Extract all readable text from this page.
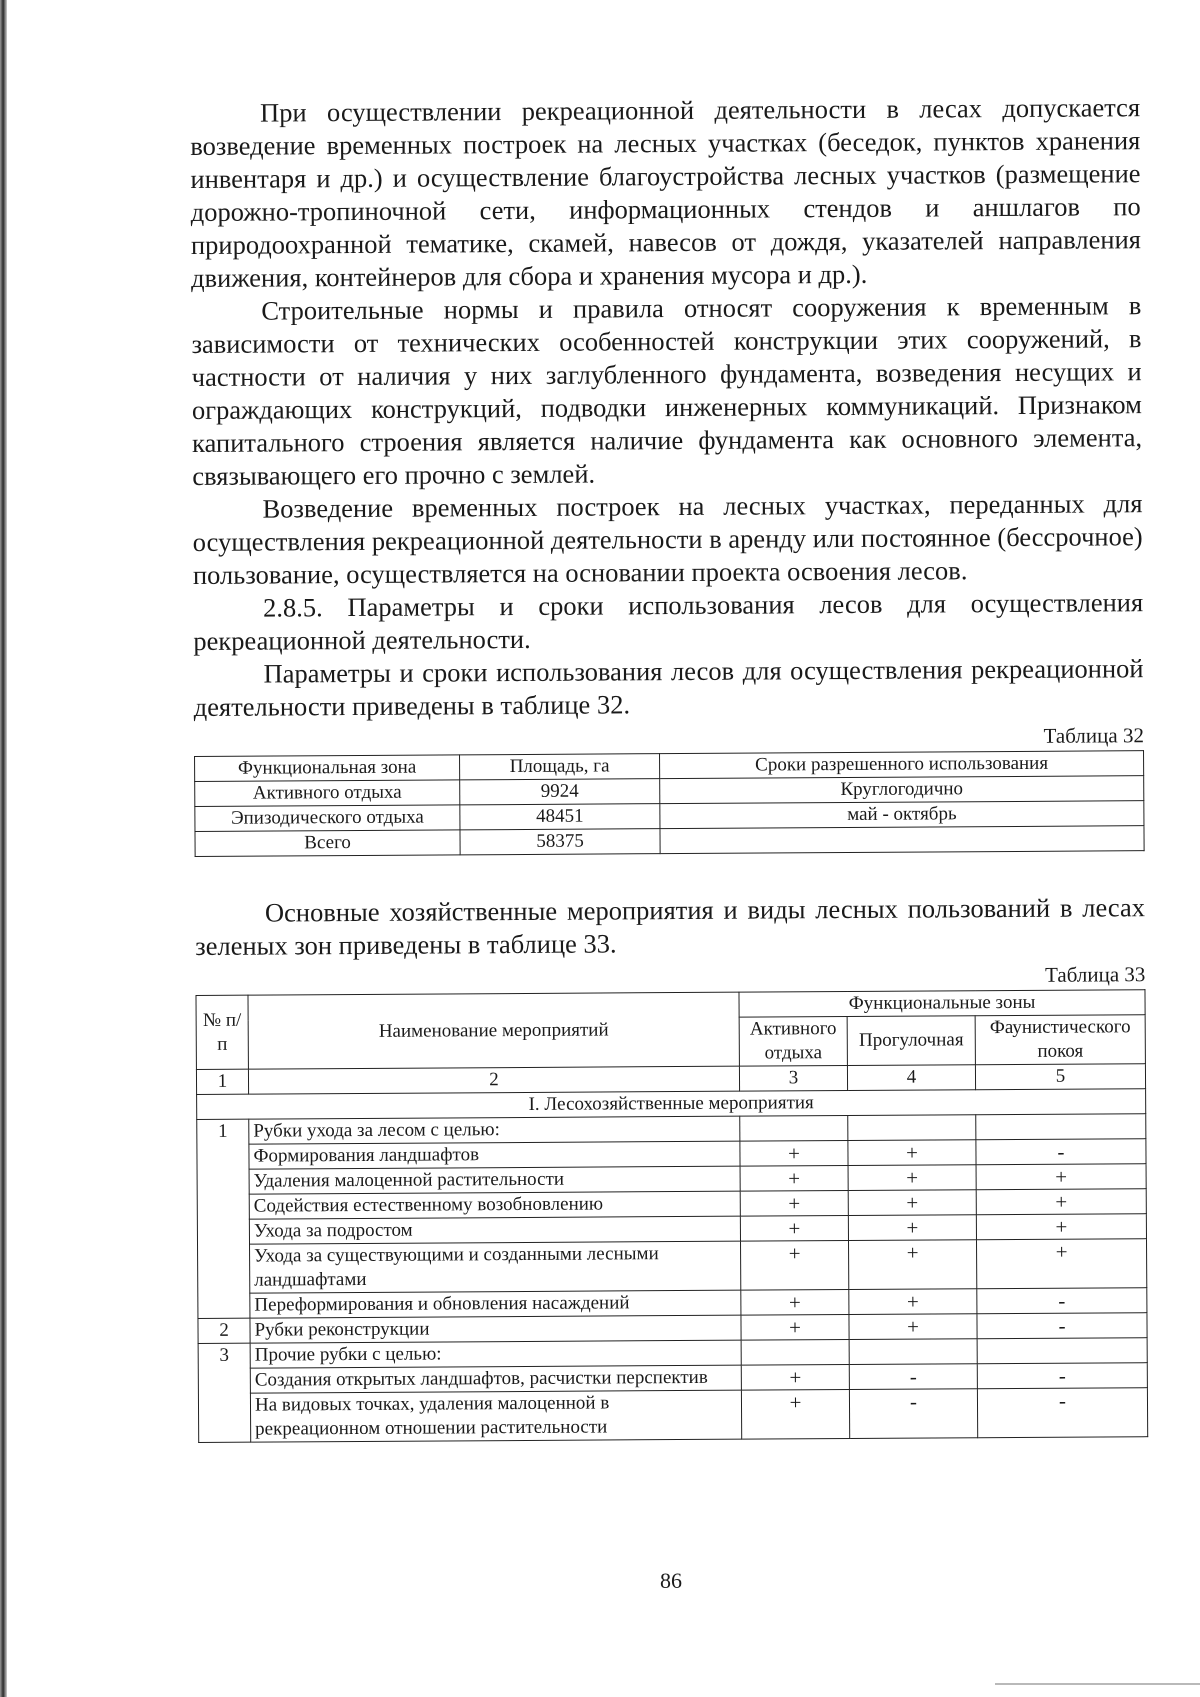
При осуществлении рекреационной деятельности в лесах допускается возведение временных построек на лесных участках (беседок, пунктов хранения инвентаря и др.) и осуществление благоустройства лесных участков (размещение дорожно-тропиночной сети, информационных стендов и аншлагов по природоохранной тематике, скамей, навесов от дождя, указателей направления движения, контейнеров для сбора и хранения мусора и др.).

Строительные нормы и правила относят сооружения к временным в зависимости от технических особенностей конструкции этих сооружений, в частности от наличия у них заглубленного фундамента, возведения несущих и ограждающих конструкций, подводки инженерных коммуникаций. Признаком капитального строения является наличие фундамента как основного элемента, связывающего его прочно с землей.

Возведение временных построек на лесных участках, переданных для осуществления рекреационной деятельности в аренду или постоянное (бессрочное) пользование, осуществляется на основании проекта освоения лесов.

2.8.5. Параметры и сроки использования лесов для осуществления рекреационной деятельности.

Параметры и сроки использования лесов для осуществления рекреационной деятельности приведены в таблице 32.

Таблица 32
Функциональная зона	Площадь, га	Сроки разрешенного использования
Активного отдыха	9924	Круглогодично
Эпизодического отдыха	48451	май - октябрь
Всего	58375	

Основные хозяйственные мероприятия и виды лесных пользований в лесах зеленых зон приведены в таблице 33.

Таблица 33
№ п/п	Наименование мероприятий	Функциональные зоны		
		Активного отдыха	Прогулочная	Фаунистического покоя
1	2	3	4	5
I. Лесохозяйственные мероприятия				
1	Рубки ухода за лесом с целью:			
	Формирования ландшафтов	+	+	-
	Удаления малоценной растительности	+	+	+
	Содействия естественному возобновлению	+	+	+
	Ухода за подростом	+	+	+
	Ухода за существующими и созданными лесными ландшафтами	+	+	+
	Переформирования и обновления насаждений	+	+	-
2	Рубки реконструкции	+	+	-
3	Прочие рубки с целью:			
	Создания открытых ландшафтов, расчистки перспектив	+	-	-
	На видовых точках, удаления малоценной в рекреационном отношении растительности	+	-	-
86
